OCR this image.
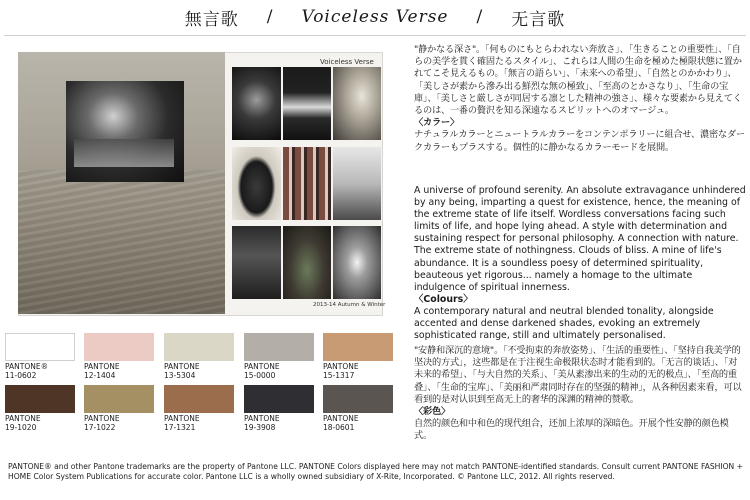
無言歌 / Voiceless Verse / 无言歌
Voiceless Verse
2013-14 Autumn & Winter
PANTONE®
11-0602
PANTONE
12-1404
PANTONE
13-5304
PANTONE
15-0000
PANTONE
15-1317
PANTONE
19-1020
PANTONE
17-1022
PANTONE
17-1321
PANTONE
19-3908
PANTONE
18-0601
"静かなる深さ"。「何ものにもとらわれない奔放さ」、「生きることの重要性」、「自らの美学を貫く確固たるスタイル」、これらは人間の生命を極めた極限状態に置かれてこそ見えるもの。「無言の語らい」、「未来への希望」、「自然とのかかわり」、「美しさが素から滲み出る鮮烈な無の極致」、「至高のとかさなり」、「生命の宝庫」、「美しさと厳しさが同居する凛とした精神の強さ」、様々な要素から見えてくるのは、一番の贅沢を知る深遠なるスピリットへのオマージュ。
〈カラー〉
ナチュラルカラーとニュートラルカラーをコンテンポラリーに組合せ、濃密なダークカラーもプラスする。個性的に静かなるカラーモードを展開。
A universe of profound serenity. An absolute extravagance unhindered by any being, imparting a quest for existence, hence, the meaning of the extreme state of life itself. Wordless conversations facing such limits of life, and hope lying ahead. A style with determination and sustaining respect for personal philosophy. A connection with nature. The extreme state of nothingness. Clouds of bliss. A mine of life's abundance. It is a soundless poesy of determined spirituality, beauteous yet rigorous... namely a homage to the ultimate indulgence of spiritual innerness.
〈Colours〉
A contemporary natural and neutral blended tonality, alongside accented and dense darkened shades, evoking an extremely sophisticated range, still and ultimately personalised.
"安静和深沉的意境"。「不受拘束的奔放姿势」、「生活的重要性」、「坚持自我美学的坚决的方式」，这些都是在于注视生命极限状态时才能看到的。「无言的谈话」、「对未来的希望」、「与大自然的关系」、「美从素渗出来的生动的无的极点」、「至高的重叠」、「生命的宝库」、「美丽和严肃同时存在的坚强的精神」，从各种因素来看，可以看到的是对认识到至高无上的奢华的深渊的精神的赞歌。
〈彩色〉
自然的颜色和中和色的现代组合，还加上浓厚的深暗色。开展个性安静的颜色模式。
PANTONE® and other Pantone trademarks are the property of Pantone LLC. PANTONE Colors displayed here may not match PANTONE-identified standards. Consult current PANTONE FASHION + HOME Color System Publications for accurate color. Pantone LLC is a wholly owned subsidiary of X-Rite, Incorporated. © Pantone LLC, 2012. All rights reserved.
